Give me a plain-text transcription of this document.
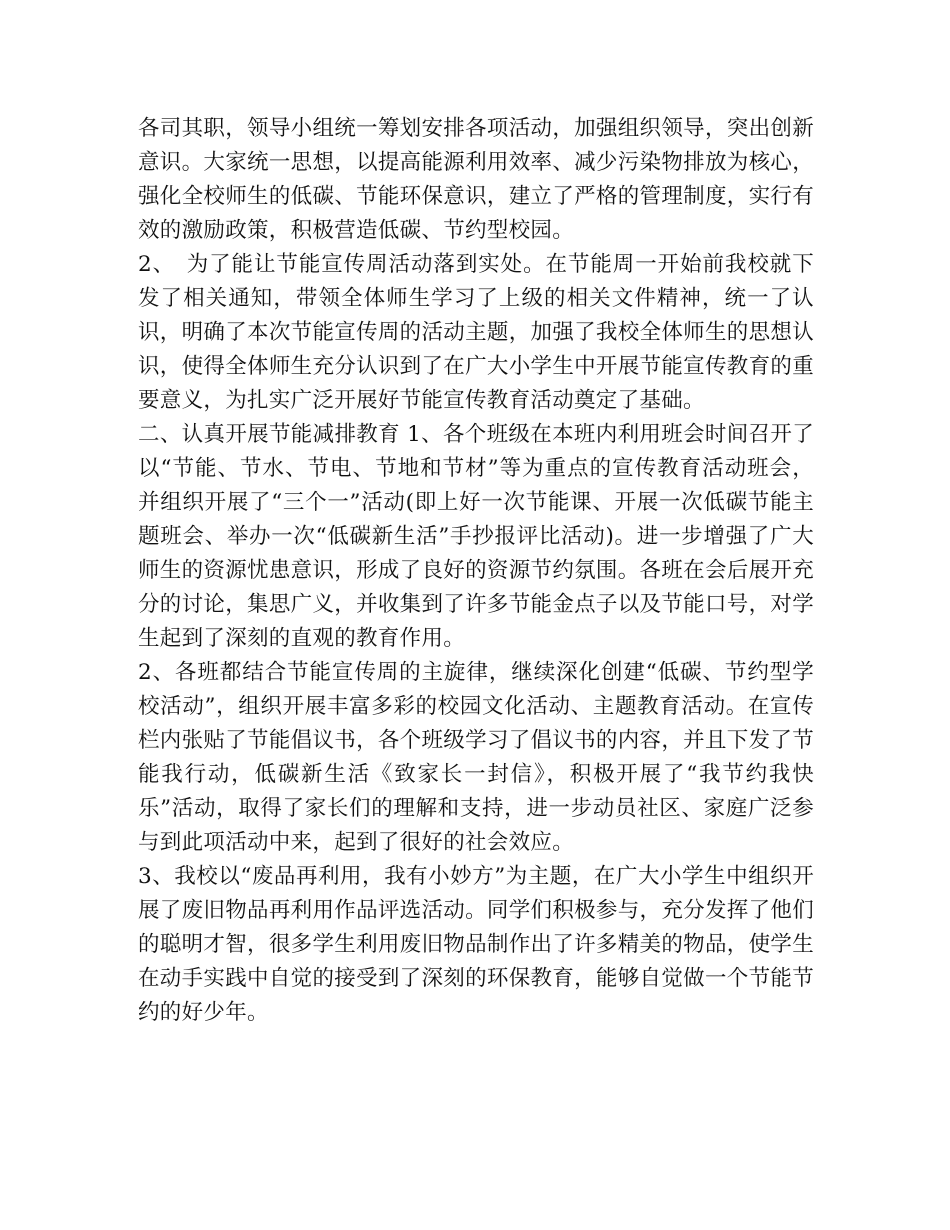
各司其职，领导小组统一筹划安排各项活动，加强组织领导，突出创新意识。大家统一思想，以提高能源利用效率、减少污染物排放为核心，强化全校师生的低碳、节能环保意识，建立了严格的管理制度，实行有效的激励政策，积极营造低碳、节约型校园。

2、　为了能让节能宣传周活动落到实处。在节能周一开始前我校就下发了相关通知，带领全体师生学习了上级的相关文件精神，统一了认识，明确了本次节能宣传周的活动主题，加强了我校全体师生的思想认识，使得全体师生充分认识到了在广大小学生中开展节能宣传教育的重要意义，为扎实广泛开展好节能宣传教育活动奠定了基础。

二、认真开展节能减排教育 1、各个班级在本班内利用班会时间召开了以“节能、节水、节电、节地和节材”等为重点的宣传教育活动班会，并组织开展了“三个一”活动(即上好一次节能课、开展一次低碳节能主题班会、举办一次“低碳新生活”手抄报评比活动)。进一步增强了广大师生的资源忧患意识，形成了良好的资源节约氛围。各班在会后展开充分的讨论，集思广义，并收集到了许多节能金点子以及节能口号，对学生起到了深刻的直观的教育作用。

2、各班都结合节能宣传周的主旋律，继续深化创建“低碳、节约型学校活动”，组织开展丰富多彩的校园文化活动、主题教育活动。在宣传栏内张贴了节能倡议书，各个班级学习了倡议书的内容，并且下发了节能我行动，低碳新生活《致家长一封信》，积极开展了“我节约我快乐”活动，取得了家长们的理解和支持，进一步动员社区、家庭广泛参与到此项活动中来，起到了很好的社会效应。

3、我校以“废品再利用，我有小妙方”为主题，在广大小学生中组织开展了废旧物品再利用作品评选活动。同学们积极参与，充分发挥了他们的聪明才智，很多学生利用废旧物品制作出了许多精美的物品，使学生在动手实践中自觉的接受到了深刻的环保教育，能够自觉做一个节能节约的好少年。
